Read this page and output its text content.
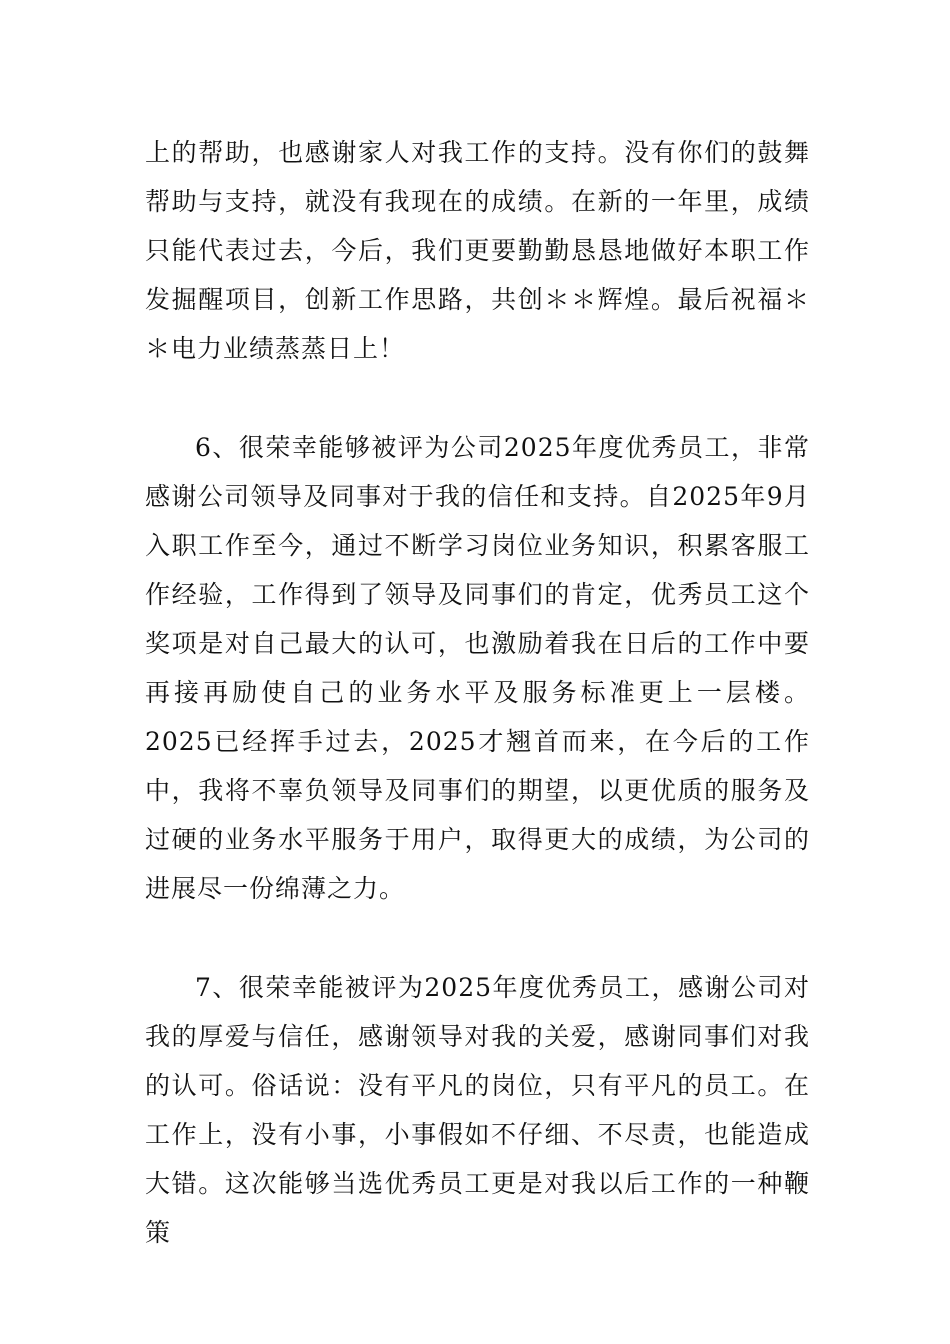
上的帮助，也感谢家人对我工作的支持。没有你们的鼓舞帮助与支持，就没有我现在的成绩。在新的一年里，成绩只能代表过去，今后，我们更要勤勤恳恳地做好本职工作发掘醒项目，创新工作思路，共创＊＊辉煌。最后祝福＊＊电力业绩蒸蒸日上！

6、很荣幸能够被评为公司2025年度优秀员工，非常感谢公司领导及同事对于我的信任和支持。自2025年9月入职工作至今，通过不断学习岗位业务知识，积累客服工作经验，工作得到了领导及同事们的肯定，优秀员工这个奖项是对自己最大的认可，也激励着我在日后的工作中要再接再励使自己的业务水平及服务标准更上一层楼。2025已经挥手过去，2025才翘首而来，在今后的工作中，我将不辜负领导及同事们的期望，以更优质的服务及过硬的业务水平服务于用户，取得更大的成绩，为公司的进展尽一份绵薄之力。

7、很荣幸能被评为2025年度优秀员工，感谢公司对我的厚爱与信任，感谢领导对我的关爱，感谢同事们对我的认可。俗话说：没有平凡的岗位，只有平凡的员工。在工作上，没有小事，小事假如不仔细、不尽责，也能造成大错。这次能够当选优秀员工更是对我以后工作的一种鞭策
